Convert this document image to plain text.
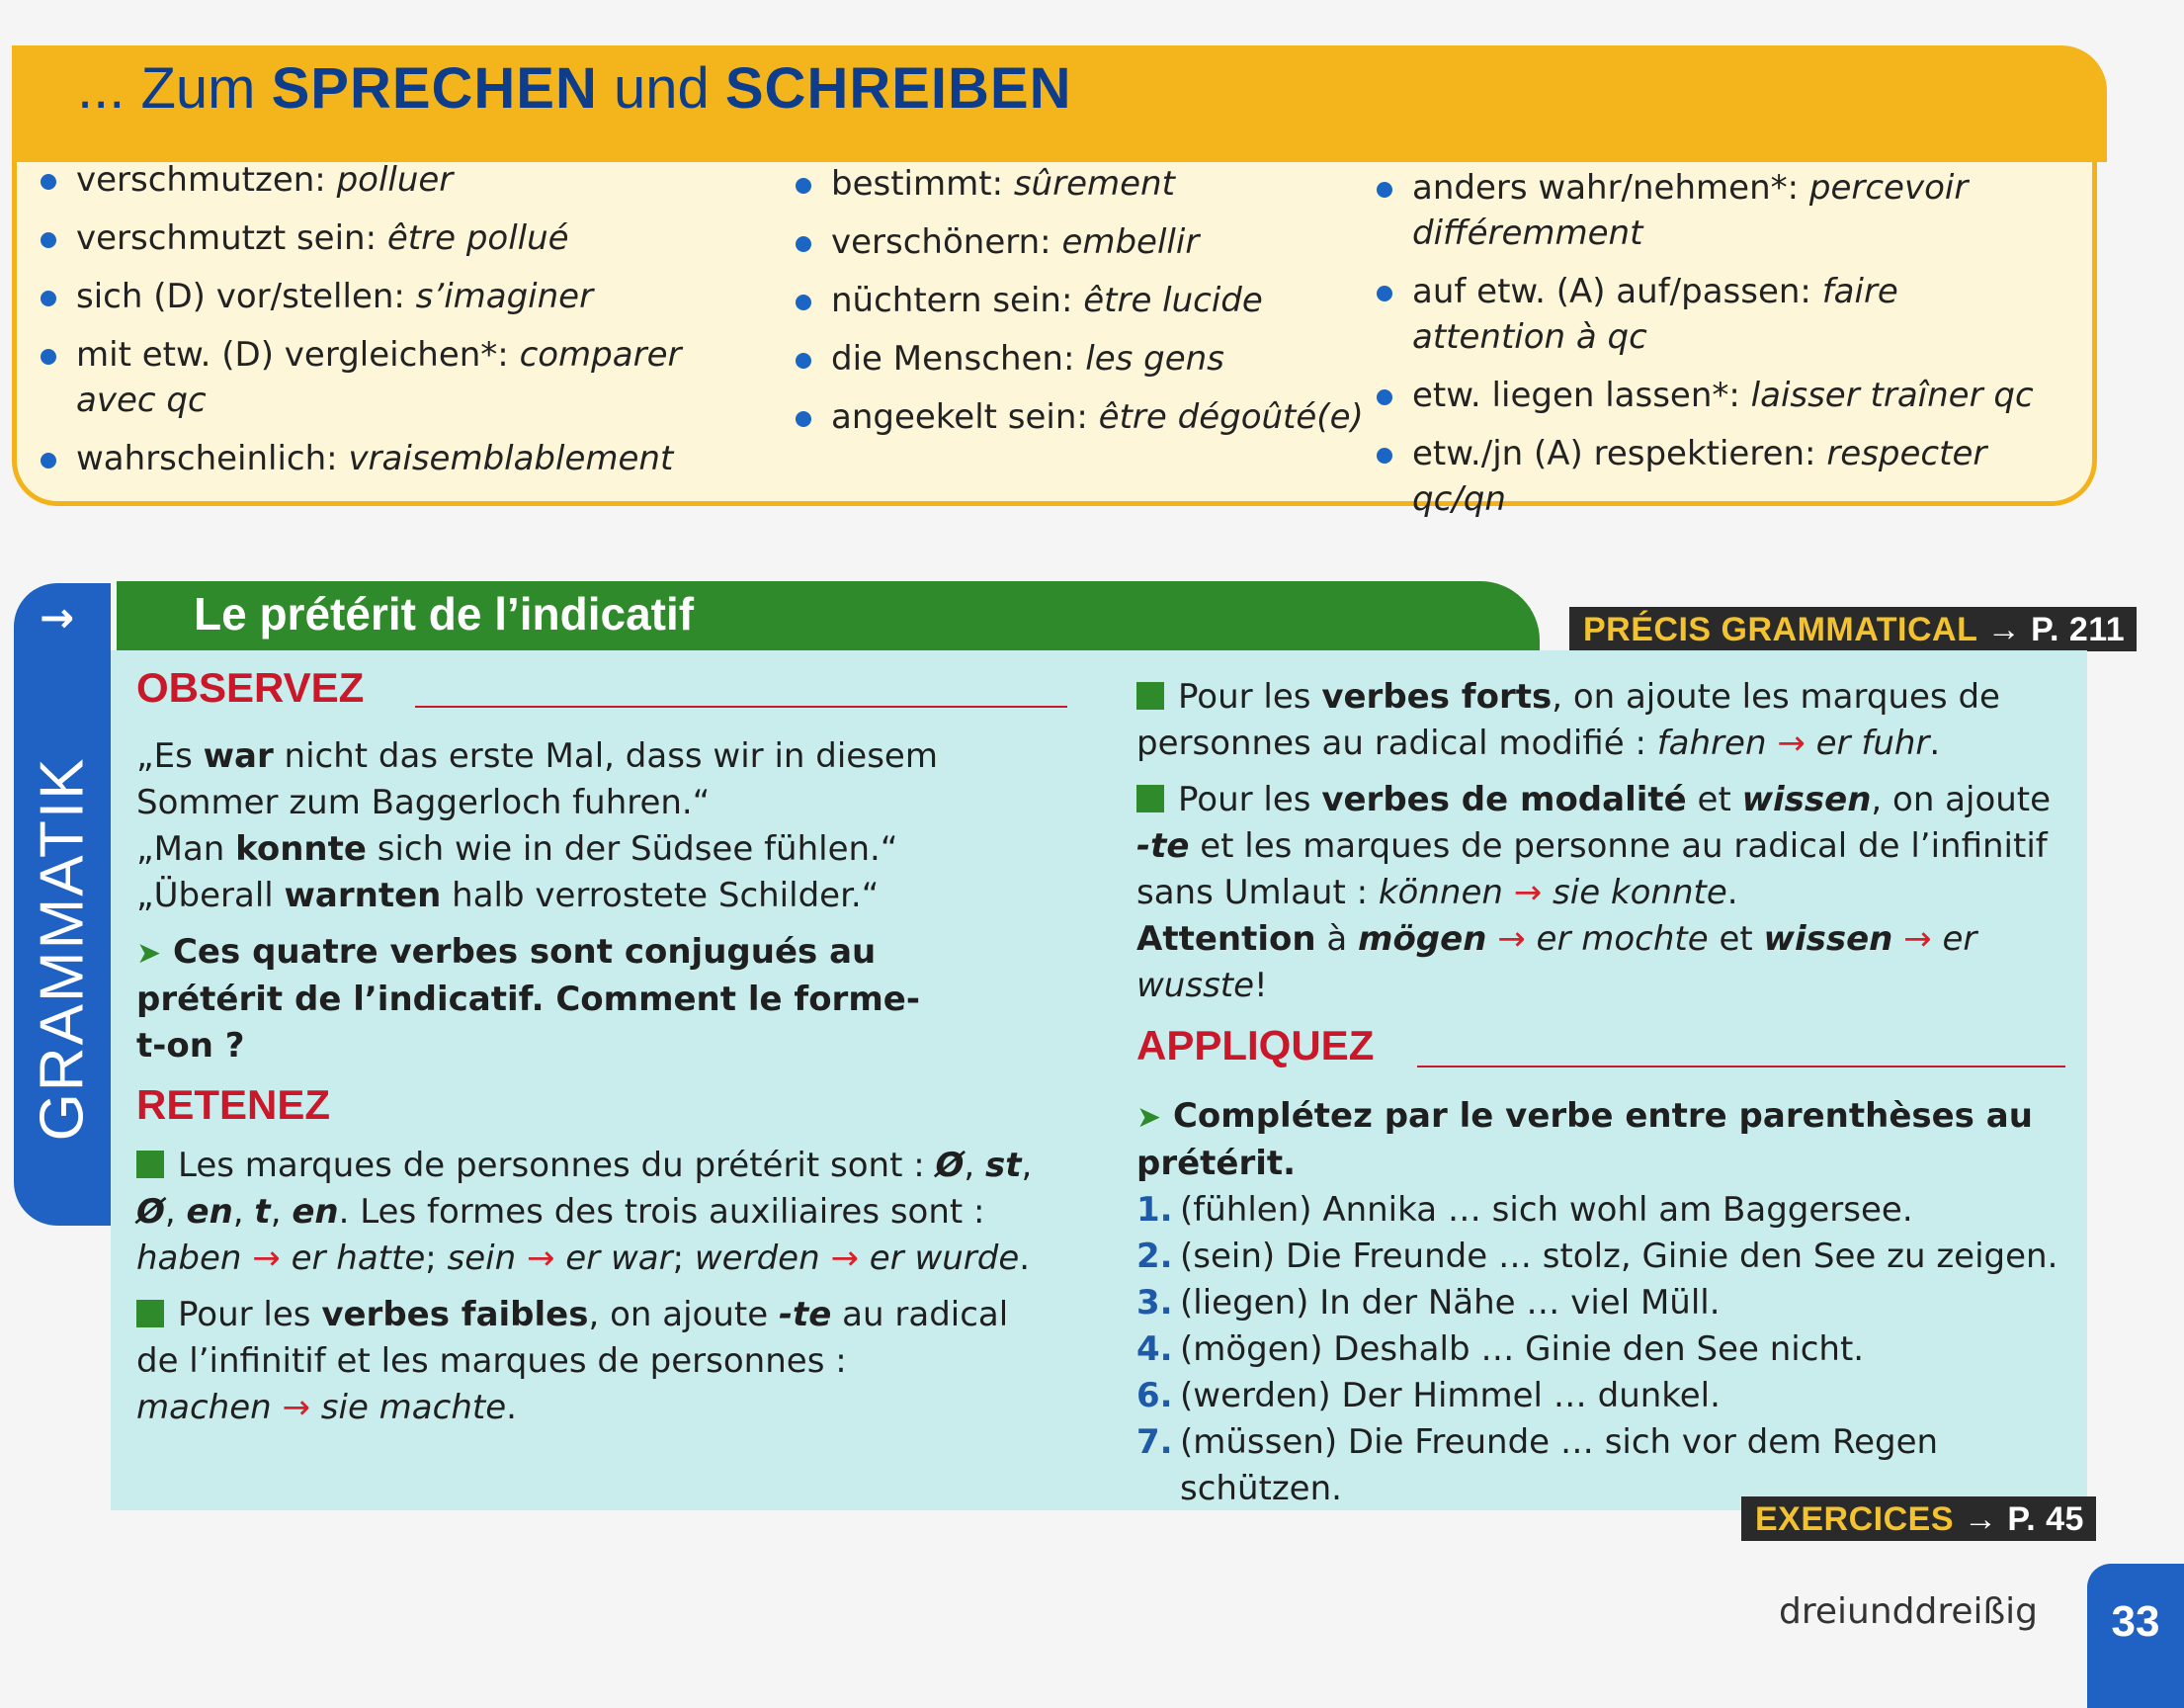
... Zum SPRECHEN und SCHREIBEN
verschmutzen: polluer
verschmutzt sein: être pollué
sich (D) vor/stellen: s’imaginer
mit etw. (D) vergleichen*: comparer avec qc
wahrscheinlich: vraisemblablement
bestimmt: sûrement
verschönern: embellir
nüchtern sein: être lucide
die Menschen: les gens
angeekelt sein: être dégoûté(e)
anders wahr/nehmen*: percevoir différemment
auf etw. (A) auf/passen: faire attention à qc
etw. liegen lassen*: laisser traîner qc
etw./jn (A) respektieren: respecter qc/qn
→
GRAMMATIK
Le prétérit de l’indicatif	PRÉCIS GRAMMATICAL → P. 211
OBSERVEZ

„Es war nicht das erste Mal, dass wir in diesem Sommer zum Baggerloch fuhren.“

„Man konnte sich wie in der Südsee fühlen.“

„Überall warnten halb verrostete Schilder.“

➤ Ces quatre verbes sont conjugués au prétérit de l’indicatif. Comment le forme-t-on ?

RETENEZ

Les marques de personnes du prétérit sont : Ø, st, Ø, en, t, en. Les formes des trois auxiliaires sont :
haben → er hatte; sein → er war; werden → er wurde.

Pour les verbes faibles, on ajoute -te au radical de l’infinitif et les marques de personnes :
machen → sie machte.

Pour les verbes forts, on ajoute les marques de personnes au radical modifié : fahren → er fuhr.

Pour les verbes de modalité et wissen, on ajoute -te et les marques de personne au radical de l’infinitif sans Umlaut : können → sie konnte.

Attention à mögen → er mochte et wissen → er wusste!

APPLIQUEZ

➤ Complétez par le verbe entre parenthèses au prétérit.

1. (fühlen) Annika … sich wohl am Baggersee.
2. (sein) Die Freunde … stolz, Ginie den See zu zeigen.
3. (liegen) In der Nähe … viel Müll.
4. (mögen) Deshalb … Ginie den See nicht.
6. (werden) Der Himmel … dunkel.
7. (müssen) Die Freunde … sich vor dem Regen schützen.
EXERCICES → P. 45
dreiunddreißig 33
